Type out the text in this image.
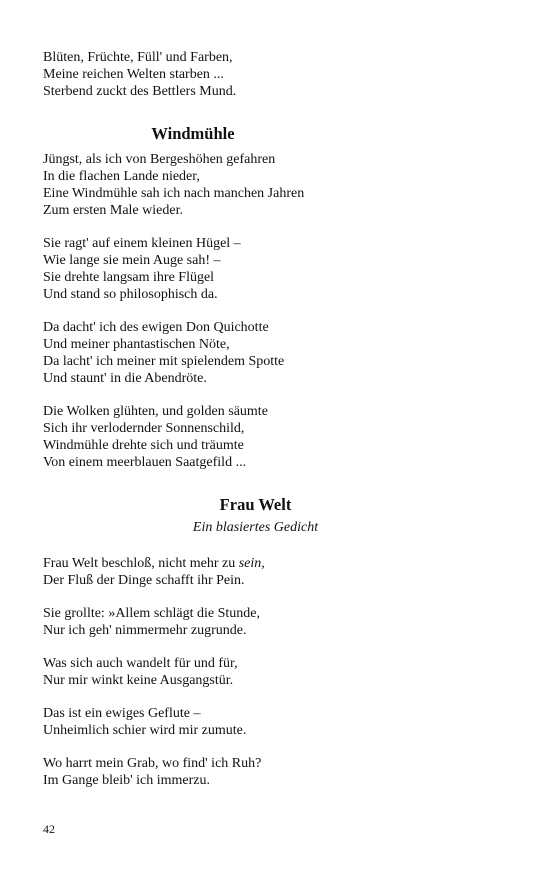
Blüten, Früchte, Füll' und Farben,
Meine reichen Welten starben ...
Sterbend zuckt des Bettlers Mund.
Windmühle
Jüngst, als ich von Bergeshöhen gefahren
In die flachen Lande nieder,
Eine Windmühle sah ich nach manchen Jahren
Zum ersten Male wieder.
Sie ragt' auf einem kleinen Hügel –
Wie lange sie mein Auge sah! –
Sie drehte langsam ihre Flügel
Und stand so philosophisch da.
Da dacht' ich des ewigen Don Quichotte
Und meiner phantastischen Nöte,
Da lacht' ich meiner mit spielendem Spotte
Und staunt' in die Abendröte.
Die Wolken glühten, und golden säumte
Sich ihr verlodernder Sonnenschild,
Windmühle drehte sich und träumte
Von einem meerblauen Saatgefild ...
Frau Welt
Ein blasiertes Gedicht
Frau Welt beschloß, nicht mehr zu sein,
Der Fluß der Dinge schafft ihr Pein.
Sie grollte: »Allem schlägt die Stunde,
Nur ich geh' nimmermehr zugrunde.
Was sich auch wandelt für und für,
Nur mir winkt keine Ausgangstür.
Das ist ein ewiges Geflute –
Unheimlich schier wird mir zumute.
Wo harrt mein Grab, wo find' ich Ruh?
Im Gange bleib' ich immerzu.
42
